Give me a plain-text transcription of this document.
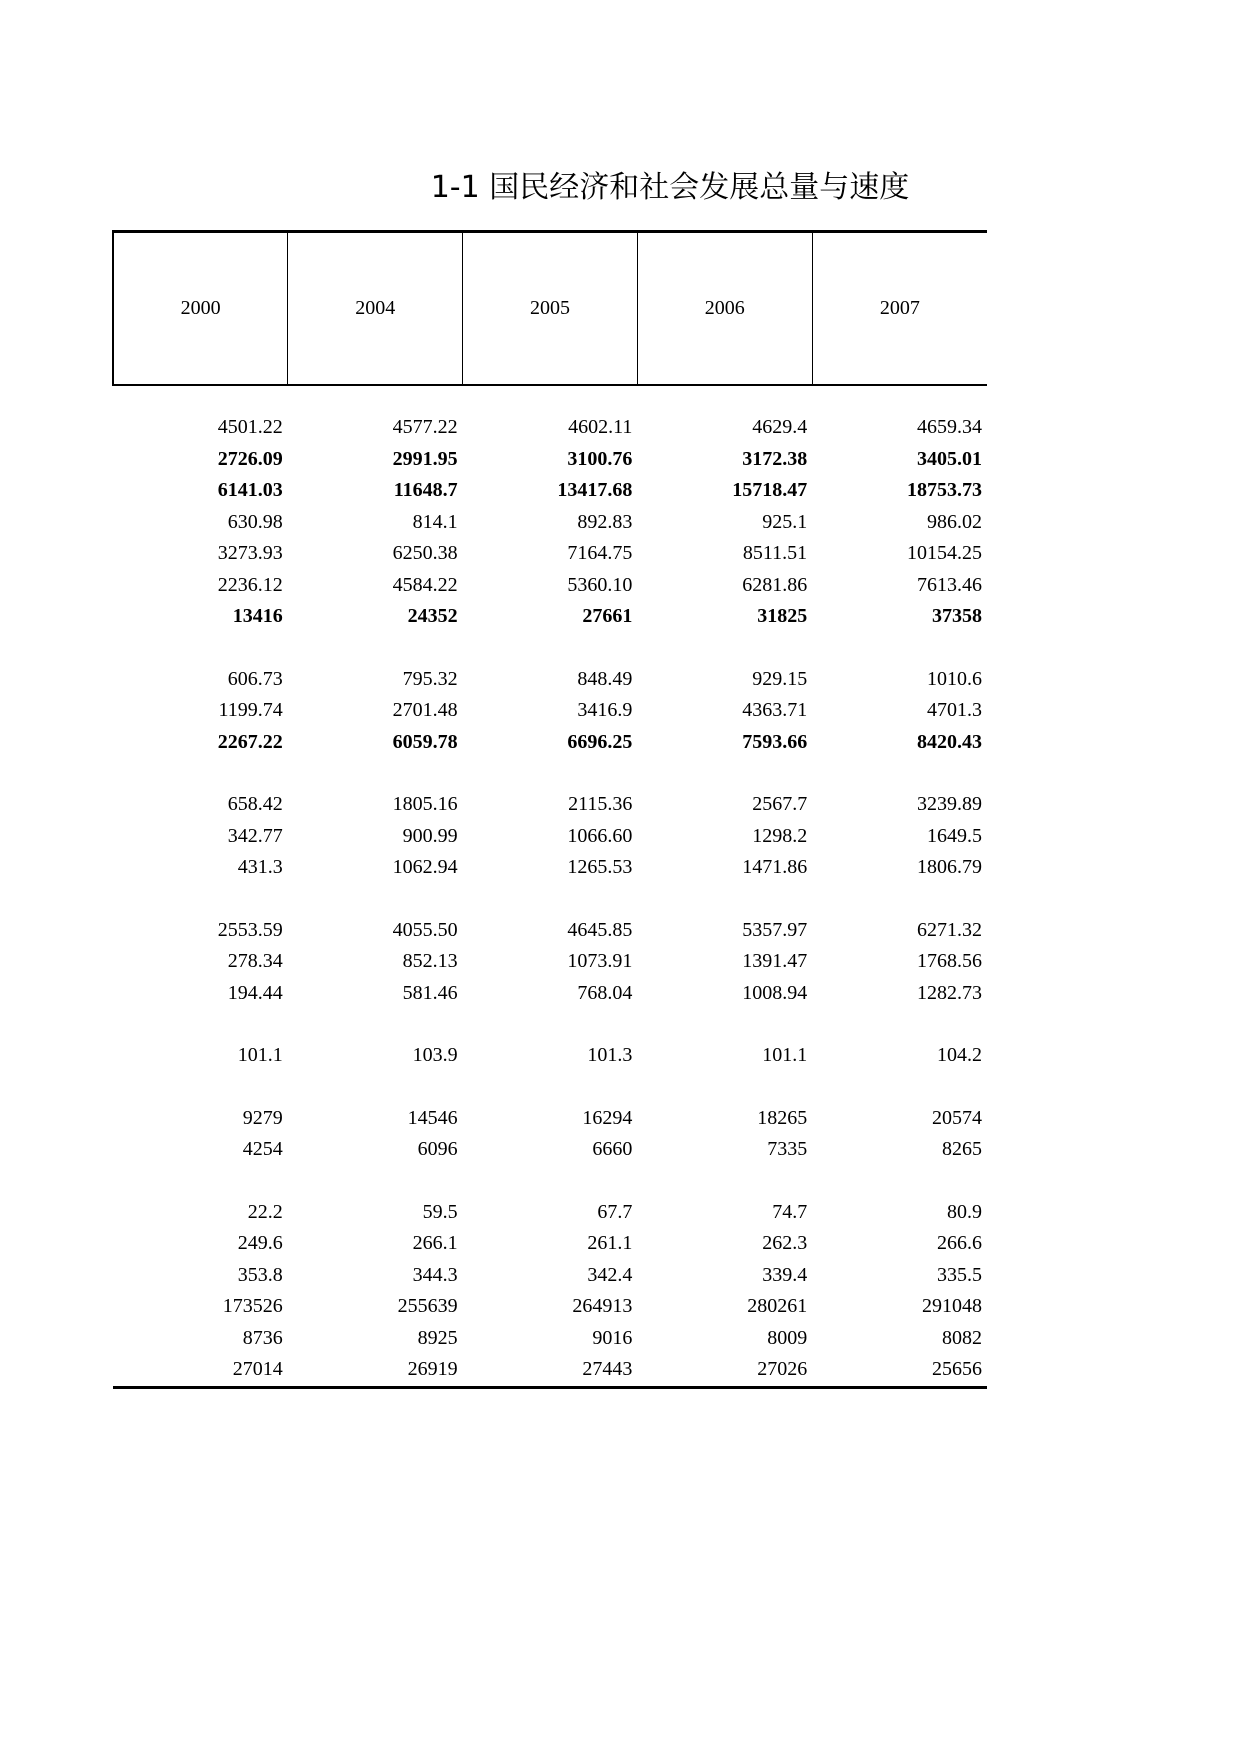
1-1 国民经济和社会发展总量与速度
2000	2004	2005	2006	2007
4501.22	4577.22	4602.11	4629.4	4659.34
2726.09	2991.95	3100.76	3172.38	3405.01
6141.03	11648.7	13417.68	15718.47	18753.73
630.98	814.1	892.83	925.1	986.02
3273.93	6250.38	7164.75	8511.51	10154.25
2236.12	4584.22	5360.10	6281.86	7613.46
13416	24352	27661	31825	37358
606.73	795.32	848.49	929.15	1010.6
1199.74	2701.48	3416.9	4363.71	4701.3
2267.22	6059.78	6696.25	7593.66	8420.43
658.42	1805.16	2115.36	2567.7	3239.89
342.77	900.99	1066.60	1298.2	1649.5
431.3	1062.94	1265.53	1471.86	1806.79
2553.59	4055.50	4645.85	5357.97	6271.32
278.34	852.13	1073.91	1391.47	1768.56
194.44	581.46	768.04	1008.94	1282.73
101.1	103.9	101.3	101.1	104.2
9279	14546	16294	18265	20574
4254	6096	6660	7335	8265
22.2	59.5	67.7	74.7	80.9
249.6	266.1	261.1	262.3	266.6
353.8	344.3	342.4	339.4	335.5
173526	255639	264913	280261	291048
8736	8925	9016	8009	8082
27014	26919	27443	27026	25656
